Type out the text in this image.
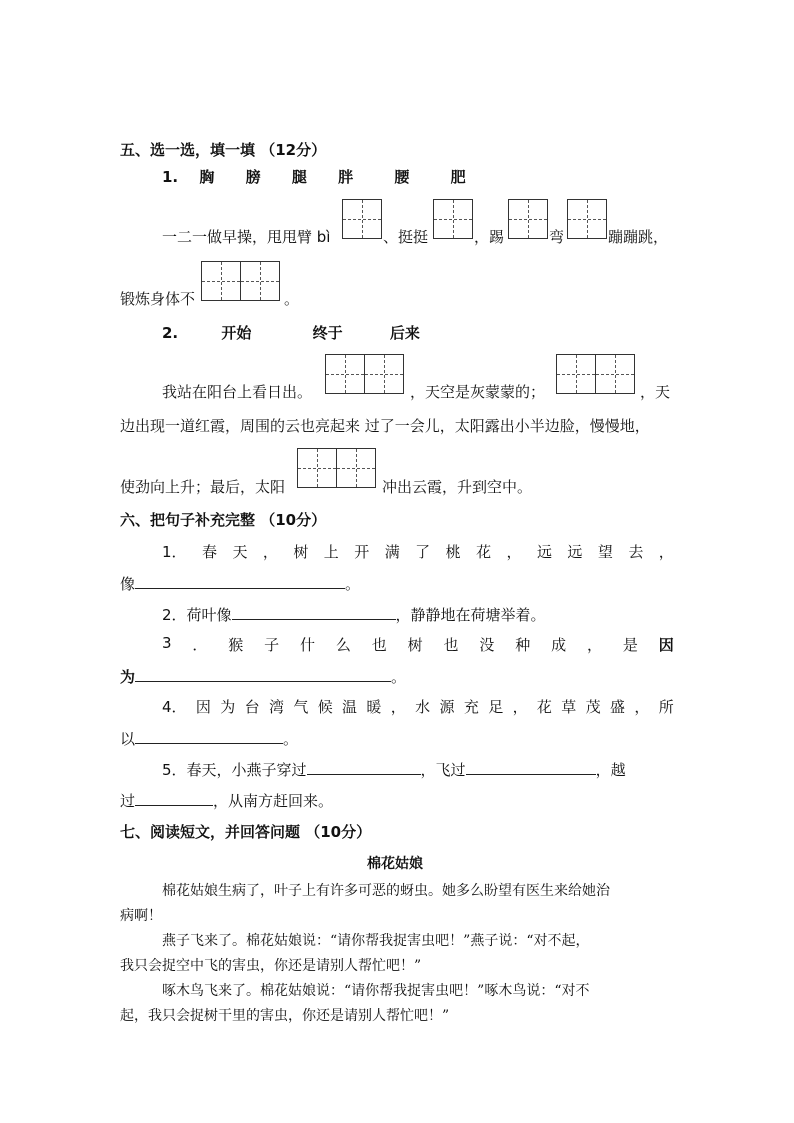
五、选一选，填一填 （12分）
1. 胸 膀 腿 胖	腰	肥
一二一做早操，甩甩臂 bì	、挺挺	，踢	弯	蹦蹦跳，
锻炼身体不	。
2.	开始	终于	后来
我站在阳台上看日出。	，天空是灰蒙蒙的；	，天
边出现一道红霞，周围的云也亮起来 过了一会儿，太阳露出小半边脸，慢慢地，
使劲向上升；最后，太阳	冲出云霞，升到空中。
六、把句子补充完整 （10分）
1． 春 天 ， 树 上 开 满 了 桃 花 ， 远 远 望 去 ，
像	。
2．荷叶像	，静静地在荷塘举着。
3 ． 猴 子 什 么 也 树 也 没 种 成 ， 是 因
为	。
4． 因 为 台 湾 气 候 温 暖 ， 水 源 充 足 ， 花 草 茂 盛 ， 所
以	。
5．春天，小燕子穿过	，飞过	，越
过	，从南方赶回来。
七、阅读短文，并回答问题 （10分）
棉花姑娘
棉花姑娘生病了，叶子上有许多可恶的蚜虫。她多么盼望有医生来给她治
病啊！
燕子飞来了。棉花姑娘说：“请你帮我捉害虫吧！”燕子说：“对不起，
我只会捉空中飞的害虫，你还是请别人帮忙吧！”
啄木鸟飞来了。棉花姑娘说：“请你帮我捉害虫吧！”啄木鸟说：“对不
起，我只会捉树干里的害虫，你还是请别人帮忙吧！”
